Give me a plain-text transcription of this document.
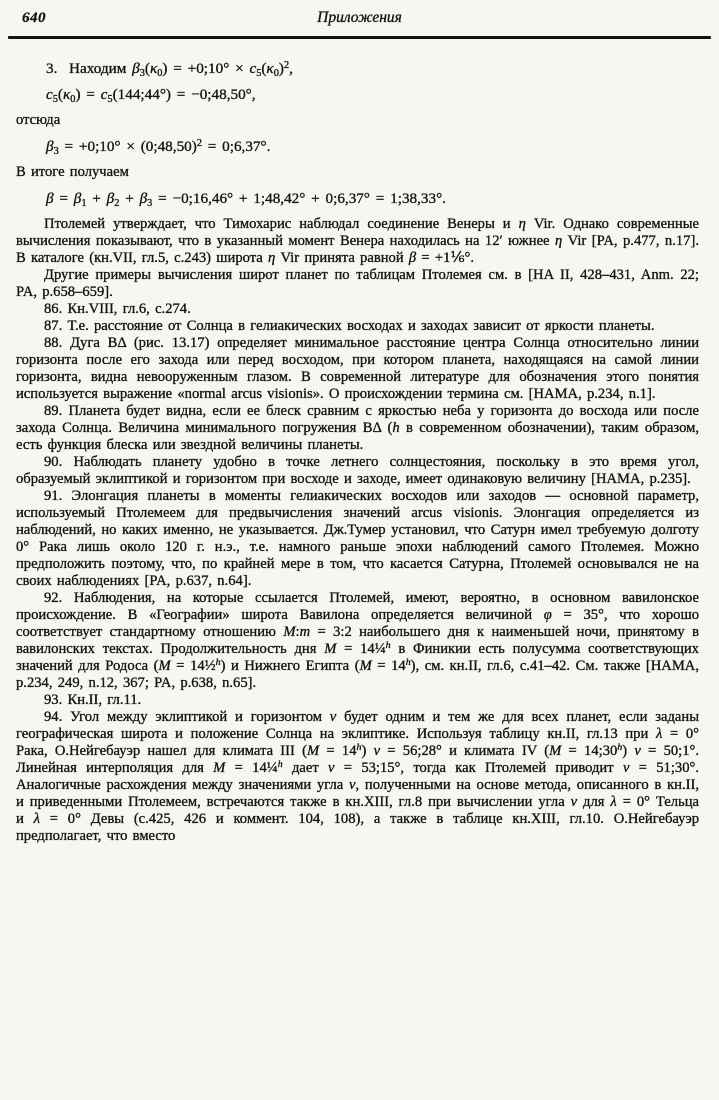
640	Приложения

3.  Находим $\beta_3(\kappa_0)$ = +0;10° × $c_5(\kappa_0)^2$,

$c_5(\kappa_0)$ = $c_5(144;44^\circ)$ = −0;48,50°,

отсюда

$\beta_3$ = +0;10° × (0;48,50)$^2$ = 0;6,37°.

В итоге получаем

$\beta = \beta_1 + \beta_2 + \beta_3$ = −0;16,46° + 1;48,42° + 0;6,37° = 1;38,33°.

Птолемей утверждает, что Тимохарис наблюдал соединение Венеры и η Vir. Однако современные вычисления показывают, что в указанный момент Венера находилась на 12′ южнее η Vir [PA, p.477, n.17]. В каталоге (кн.VII, гл.5, с.243) широта η Vir принята равной β = +1⅙°.

Другие примеры вычисления широт планет по таблицам Птолемея см. в [HA II, 428–431, Anm. 22; PA, p.658–659].

86. Кн.VIII, гл.6, с.274.

87. Т.е. расстояние от Солнца в гелиакических восходах и заходах зависит от яркости планеты.

88. Дуга ВΔ (рис. 13.17) определяет минимальное расстояние центра Солнца относительно линии горизонта после его захода или перед восходом, при котором планета, находящаяся на самой линии горизонта, видна невооруженным глазом. В современной литературе для обозначения этого понятия используется выражение «normal arcus visionis». О происхождении термина см. [HAMA, p.234, n.1].

89. Планета будет видна, если ее блеск сравним с яркостью неба у горизонта до восхода или после захода Солнца. Величина минимального погружения ВΔ (h в современном обозначении), таким образом, есть функция блеска или звездной величины планеты.

90. Наблюдать планету удобно в точке летнего солнцестояния, поскольку в это время угол, образуемый эклиптикой и горизонтом при восходе и заходе, имеет одинаковую величину [HAMA, p.235].

91. Элонгация планеты в моменты гелиакических восходов или заходов — основной параметр, используемый Птолемеем для предвычисления значений arcus visionis. Элонгация определяется из наблюдений, но каких именно, не указывается. Дж.Тумер установил, что Сатурн имел требуемую долготу 0° Рака лишь около 120 г. н.э., т.е. намного раньше эпохи наблюдений самого Птолемея. Можно предположить поэтому, что, по крайней мере в том, что касается Сатурна, Птолемей основывался не на своих наблюдениях [PA, p.637, n.64].

92. Наблюдения, на которые ссылается Птолемей, имеют, вероятно, в основном вавилонское происхождение. В «Географии» широта Вавилона определяется величиной φ = 35°, что хорошо соответствует стандартному отношению M:m = 3:2 наибольшего дня к наименьшей ночи, принятому в вавилонских текстах. Продолжительность дня M = 14¼$^h$ в Финикии есть полусумма соответствующих значений для Родоса (M = 14½$^h$) и Нижнего Египта $(M = 14^h)$, см. кн.II, гл.6, с.41–42. См. также [HAMA, p.234, 249, n.12, 367; PA, p.638, n.65].

93. Кн.II, гл.11.

94. Угол между эклиптикой и горизонтом ν будет одним и тем же для всех планет, если заданы географическая широта и положение Солнца на эклиптике. Используя таблицу кн.II, гл.13 при λ = 0° Рака, О.Нейгебауэр нашел для климата III $(M = 14^h)$ ν = 56;28° и климата IV $(M = 14;30^h)$ ν = 50;1°. Линейная интерполяция для M = 14¼$^h$ дает ν = 53;15°, тогда как Птолемей приводит ν = 51;30°. Аналогичные расхождения между значениями угла ν, полученными на основе метода, описанного в кн.II, и приведенными Птолемеем, встречаются также в кн.XIII, гл.8 при вычислении угла ν для λ = 0° Тельца и λ = 0° Девы (с.425, 426 и коммент. 104, 108), а также в таблице кн.XIII, гл.10. О.Нейгебауэр предполагает, что вместо
